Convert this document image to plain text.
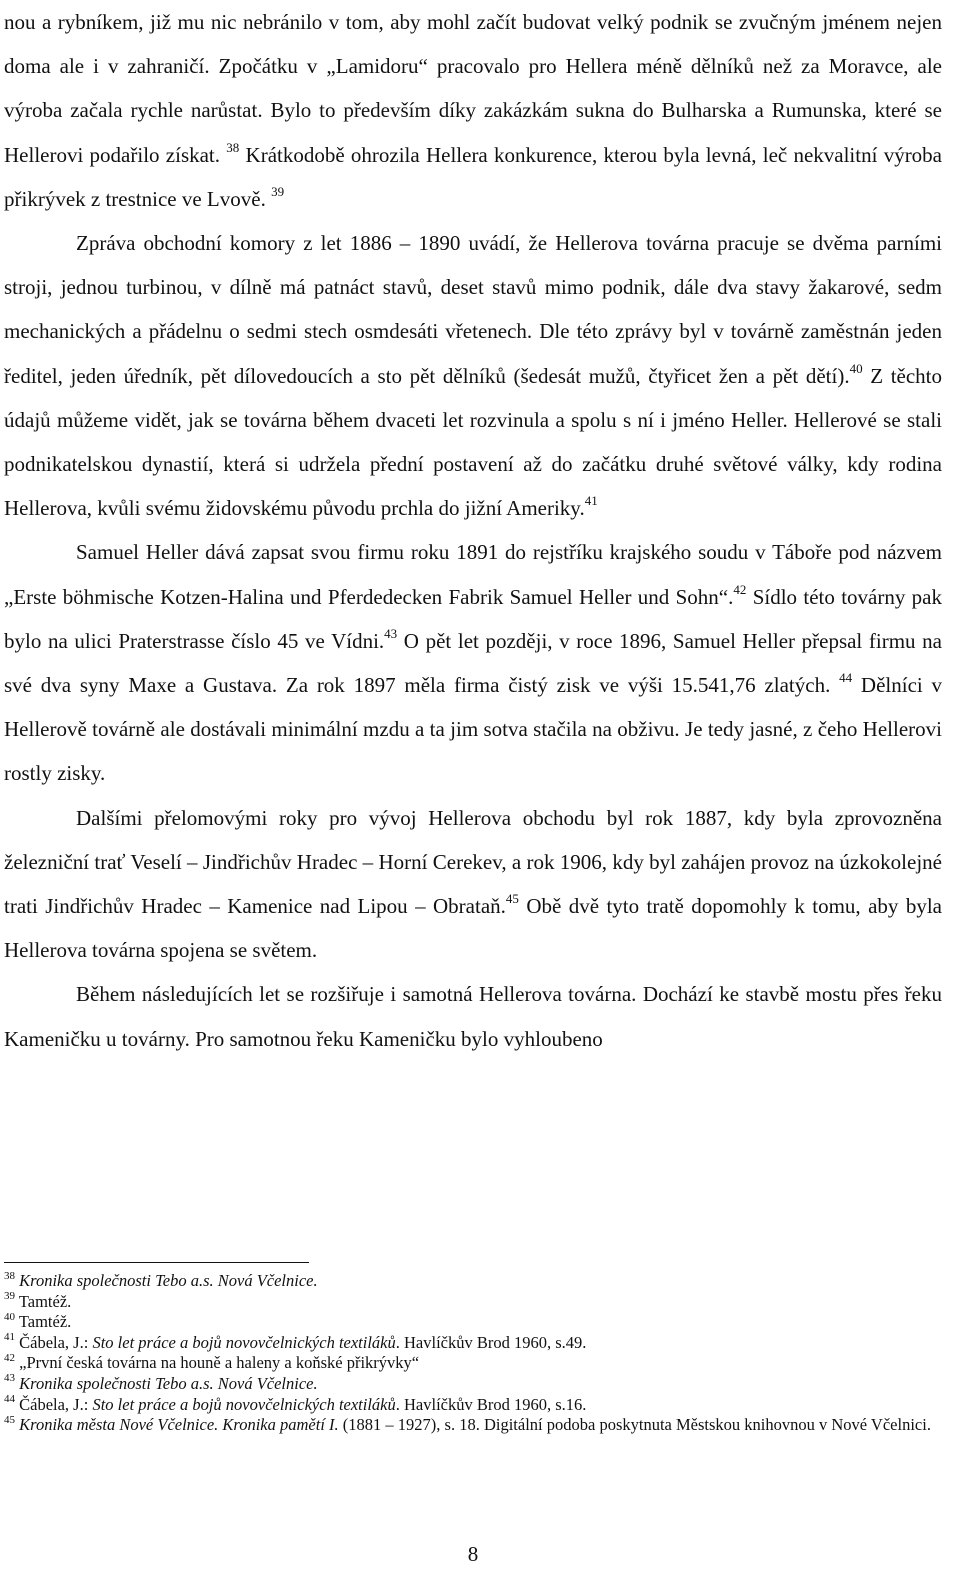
nou a rybníkem, již mu nic nebránilo v tom, aby mohl začít budovat velký podnik se zvučným jménem nejen doma ale i v zahraničí. Zpočátku v „Lamidoru“ pracovalo pro Hellera méně dělníků než za Moravce, ale výroba začala rychle narůstat. Bylo to především díky zakázkám sukna do Bulharska a Rumunska, které se Hellerovi podařilo získat. $^{38}$ Krátkodobě ohrozila Hellera konkurence, kterou byla levná, leč nekvalitní výroba přikrývek z trestnice ve Lvově. $^{39}$

Zpráva obchodní komory z let 1886 – 1890 uvádí, že Hellerova továrna pracuje se dvěma parními stroji, jednou turbinou, v dílně má patnáct stavů, deset stavů mimo podnik, dále dva stavy žakarové, sedm mechanických a přádelnu o sedmi stech osmdesáti vřetenech. Dle této zprávy byl v továrně zaměstnán jeden ředitel, jeden úředník, pět dílovedoucích a sto pět dělníků (šedesát mužů, čtyřicet žen a pět dětí).$^{40}$ Z těchto údajů můžeme vidět, jak se továrna během dvaceti let rozvinula a spolu s ní i jméno Heller. Hellerové se stali podnikatelskou dynastií, která si udržela přední postavení až do začátku druhé světové války, kdy rodina Hellerova, kvůli svému židovskému původu prchla do jižní Ameriky.$^{41}$

Samuel Heller dává zapsat svou firmu roku 1891 do rejstříku krajského soudu v Táboře pod názvem „Erste böhmische Kotzen-Halina und Pferdedecken Fabrik Samuel Heller und Sohn“.$^{42}$ Sídlo této továrny pak bylo na ulici Praterstrasse číslo 45 ve Vídni.$^{43}$ O pět let později, v roce 1896, Samuel Heller přepsal firmu na své dva syny Maxe a Gustava. Za rok 1897 měla firma čistý zisk ve výši 15.541,76 zlatých. $^{44}$ Dělníci v Hellerově továrně ale dostávali minimální mzdu a ta jim sotva stačila na obživu. Je tedy jasné, z čeho Hellerovi rostly zisky.

Dalšími přelomovými roky pro vývoj Hellerova obchodu byl rok 1887, kdy byla zprovozněna železniční trať Veselí – Jindřichův Hradec – Horní Cerekev, a rok 1906, kdy byl zahájen provoz na úzkokolejné trati Jindřichův Hradec – Kamenice nad Lipou – Obrataň.$^{45}$ Obě dvě tyto tratě dopomohly k tomu, aby byla Hellerova továrna spojena se světem.

Během následujících let se rozšiřuje i samotná Hellerova továrna. Dochází ke stavbě mostu přes řeku Kameničku u továrny. Pro samotnou řeku Kameničku bylo vyhloubeno

$^{38}$ Kronika společnosti Tebo a.s. Nová Včelnice.

$^{39}$ Tamtéž.

$^{40}$ Tamtéž.

$^{41}$ Čábela, J.: Sto let práce a bojů novovčelnických textiláků. Havlíčkův Brod 1960, s.49.

$^{42}$ „První česká továrna na houně a haleny a koňské přikrývky“

$^{43}$ Kronika společnosti Tebo a.s. Nová Včelnice.

$^{44}$ Čábela, J.: Sto let práce a bojů novovčelnických textiláků. Havlíčkův Brod 1960, s.16.

$^{45}$ Kronika města Nové Včelnice. Kronika pamětí I. (1881 – 1927), s. 18. Digitální podoba poskytnuta Městskou knihovnou v Nové Včelnici.

8
